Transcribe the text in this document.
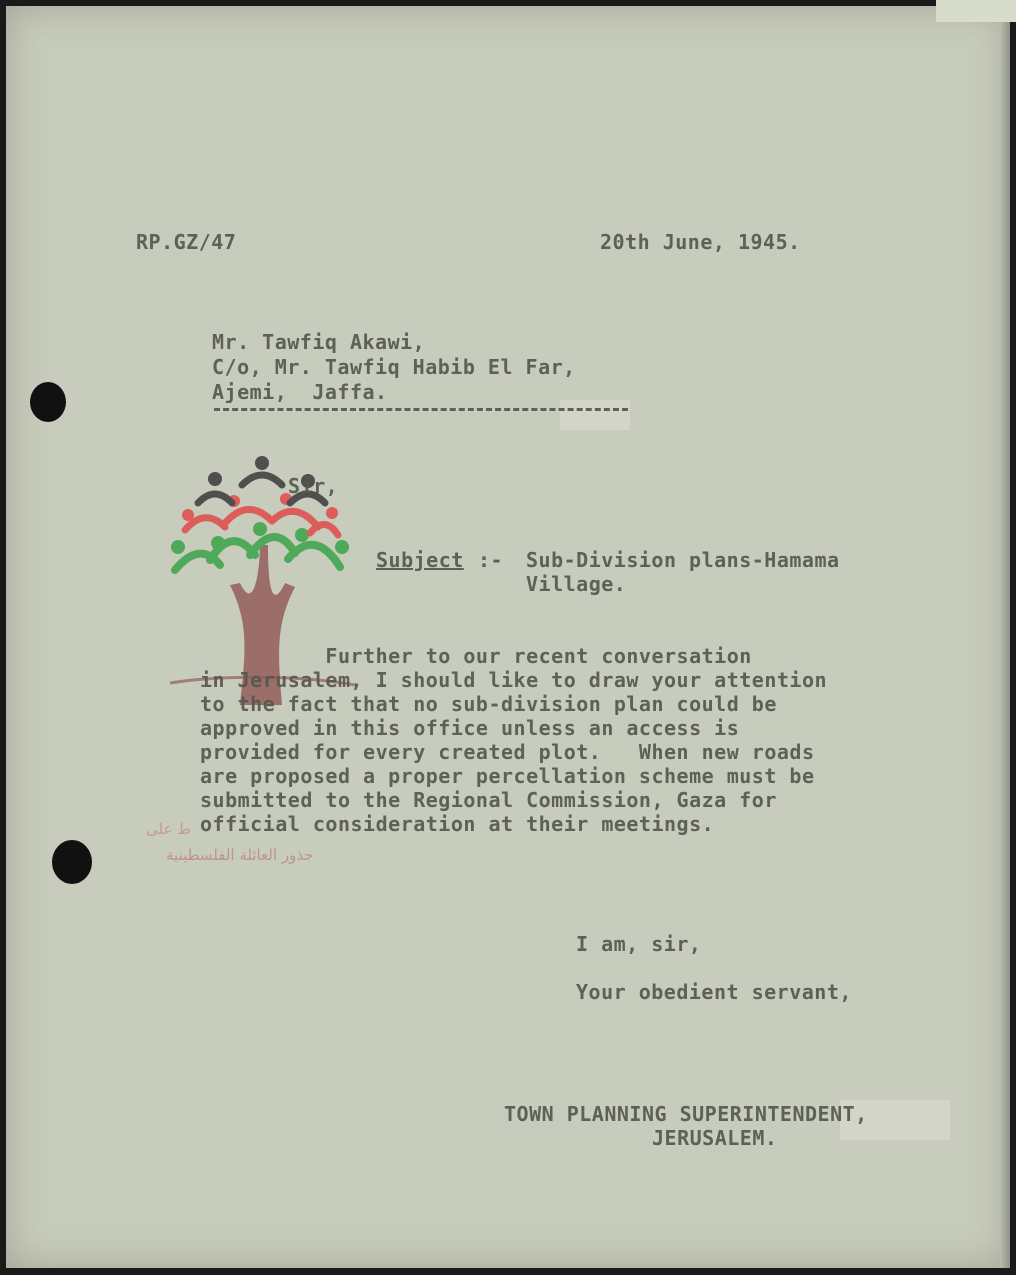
ط على
جذور العائلة الفلسطينية
RP.GZ/47	20th June, 1945.
Mr. Tawfiq Akawi,
C/o, Mr. Tawfiq Habib El Far,
Ajemi,  Jaffa.
Sir,
Subject :- Sub-Division plans-Hamama
Village.
Further to our recent conversation
in Jerusalem, I should like to draw your attention
to the fact that no sub-division plan could be
approved in this office unless an access is
provided for every created plot.   When new roads
are proposed a proper percellation scheme must be
submitted to the Regional Commission, Gaza for
official consideration at their meetings.
I am, sir,
Your obedient servant,
TOWN PLANNING SUPERINTENDENT,
JERUSALEM.
